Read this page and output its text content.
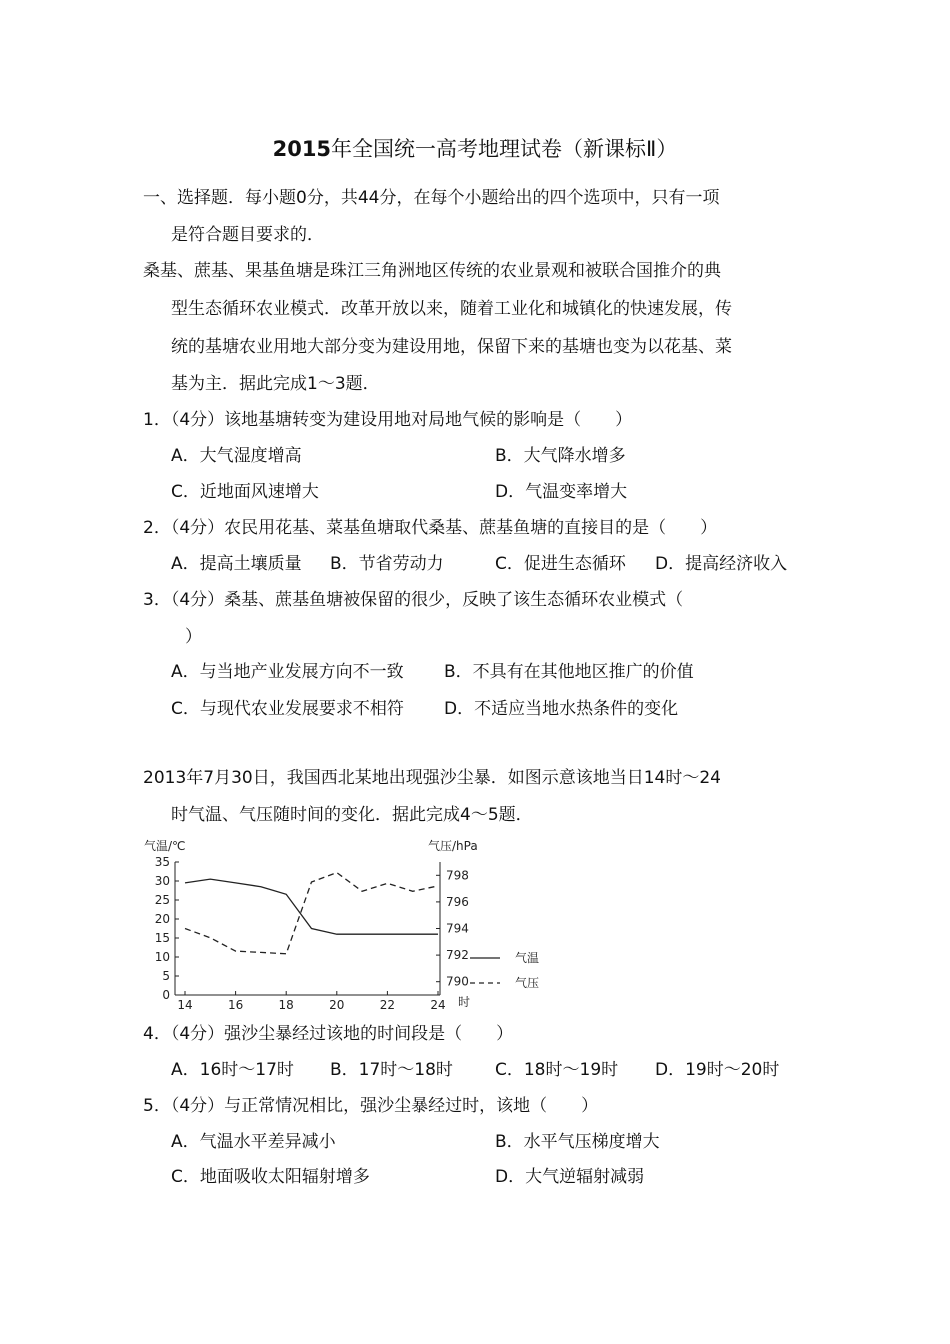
2015年全国统一高考地理试卷（新课标Ⅱ）
一、选择题．每小题0分，共44分，在每个小题给出的四个选项中，只有一项
是符合题目要求的．
桑基、蔗基、果基鱼塘是珠江三角洲地区传统的农业景观和被联合国推介的典
型生态循环农业模式．改革开放以来，随着工业化和城镇化的快速发展，传
统的基塘农业用地大部分变为建设用地，保留下来的基塘也变为以花基、菜
基为主．据此完成1～3题．
1．（4分）该地基塘转变为建设用地对局地气候的影响是（　　）
A．大气湿度增高	B．大气降水增多
C．近地面风速增大	D．气温变率增大
2．（4分）农民用花基、菜基鱼塘取代桑基、蔗基鱼塘的直接目的是（　　）
A．提高土壤质量 B．节省劳动力	C．促进生态循环 D．提高经济收入
3．（4分）桑基、蔗基鱼塘被保留的很少，反映了该生态循环农业模式（
）
A．与当地产业发展方向不一致 B．不具有在其他地区推广的价值
C．与现代农业发展要求不相符 D．不适应当地水热条件的变化
2013年7月30日，我国西北某地出现强沙尘暴．如图示意该地当日14时～24
时气温、气压随时间的变化．据此完成4～5题．
气温/℃	气压/hPa
时
0
5
10
15
20
25
30
35
790
792
794
796
798
14	16	18	20	22	24
气温
气压
4．（4分）强沙尘暴经过该地的时间段是（　　）
A．16时～17时 B．17时～18时 C．18时～19时 D．19时～20时
5．（4分）与正常情况相比，强沙尘暴经过时，该地（　　）
A．气温水平差异减小	B．水平气压梯度增大
C．地面吸收太阳辐射增多	D．大气逆辐射减弱
